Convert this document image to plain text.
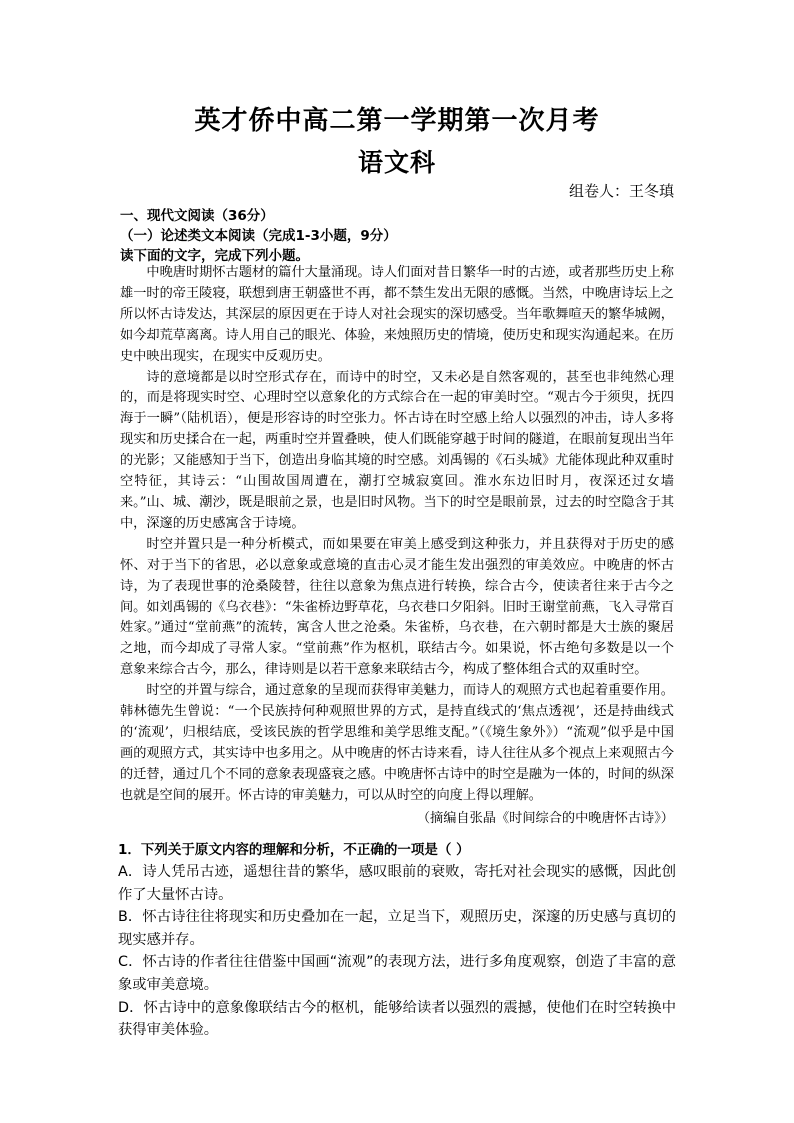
英才侨中高二第一学期第一次月考
语文科
组卷人：王冬瑱
一、现代文阅读（36分）
（一）论述类文本阅读（完成1-3小题，9分）
读下面的文字，完成下列小题。

中晚唐时期怀古题材的篇什大量涌现。诗人们面对昔日繁华一时的古迹，或者那些历史上称雄一时的帝王陵寝，联想到唐王朝盛世不再，都不禁生发出无限的感慨。当然，中晚唐诗坛上之所以怀古诗发达，其深层的原因更在于诗人对社会现实的深切感受。当年歌舞喧天的繁华城阙，如今却荒草离离。诗人用自己的眼光、体验，来烛照历史的情境，使历史和现实沟通起来。在历史中映出现实，在现实中反观历史。

诗的意境都是以时空形式存在，而诗中的时空，又未必是自然客观的，甚至也非纯然心理的，而是将现实时空、心理时空以意象化的方式综合在一起的审美时空。“观古今于须臾，抚四海于一瞬”（陆机语），便是形容诗的时空张力。怀古诗在时空感上给人以强烈的冲击，诗人多将现实和历史揉合在一起，两重时空并置叠映，使人们既能穿越于时间的隧道，在眼前复现出当年的光影；又能感知于当下，创造出身临其境的时空感。刘禹锡的《石头城》尤能体现此种双重时空特征，其诗云：“山围故国周遭在，潮打空城寂寞回。淮水东边旧时月，夜深还过女墙来。”山、城、潮沙，既是眼前之景，也是旧时风物。当下的时空是眼前景，过去的时空隐含于其中，深邃的历史感寓含于诗境。

时空并置只是一种分析模式，而如果要在审美上感受到这种张力，并且获得对于历史的感怀、对于当下的省思，必以意象或意境的直击心灵才能生发出强烈的审美效应。中晚唐的怀古诗，为了表现世事的沧桑陵替，往往以意象为焦点进行转换，综合古今，使读者往来于古今之间。如刘禹锡的《乌衣巷》：“朱雀桥边野草花，乌衣巷口夕阳斜。旧时王谢堂前燕，飞入寻常百姓家。”通过“堂前燕”的流转，寓含人世之沧桑。朱雀桥，乌衣巷，在六朝时都是大士族的聚居之地，而今却成了寻常人家。“堂前燕”作为枢机，联结古今。如果说，怀古绝句多数是以一个意象来综合古今，那么，律诗则是以若干意象来联结古今，构成了整体组合式的双重时空。

时空的并置与综合，通过意象的呈现而获得审美魅力，而诗人的观照方式也起着重要作用。韩林德先生曾说：“一个民族持何种观照世界的方式，是持直线式的‘焦点透视’，还是持曲线式的‘流观’，归根结底，受该民族的哲学思维和美学思维支配。”（《境生象外》）“流观”似乎是中国画的观照方式，其实诗中也多用之。从中晚唐的怀古诗来看，诗人往往从多个视点上来观照古今的迁替，通过几个不同的意象表现盛衰之感。中晚唐怀古诗中的时空是融为一体的，时间的纵深也就是空间的展开。怀古诗的审美魅力，可以从时空的向度上得以理解。

（摘编自张晶《时间综合的中晚唐怀古诗》）
1．下列关于原文内容的理解和分析，不正确的一项是（ ）

A．诗人凭吊古迹，遥想往昔的繁华，感叹眼前的衰败，寄托对社会现实的感慨，因此创作了大量怀古诗。

B．怀古诗往往将现实和历史叠加在一起，立足当下，观照历史，深邃的历史感与真切的现实感并存。

C．怀古诗的作者往往借鉴中国画“流观”的表现方法，进行多角度观察，创造了丰富的意象或审美意境。

D．怀古诗中的意象像联结古今的枢机，能够给读者以强烈的震撼，使他们在时空转换中获得审美体验。
